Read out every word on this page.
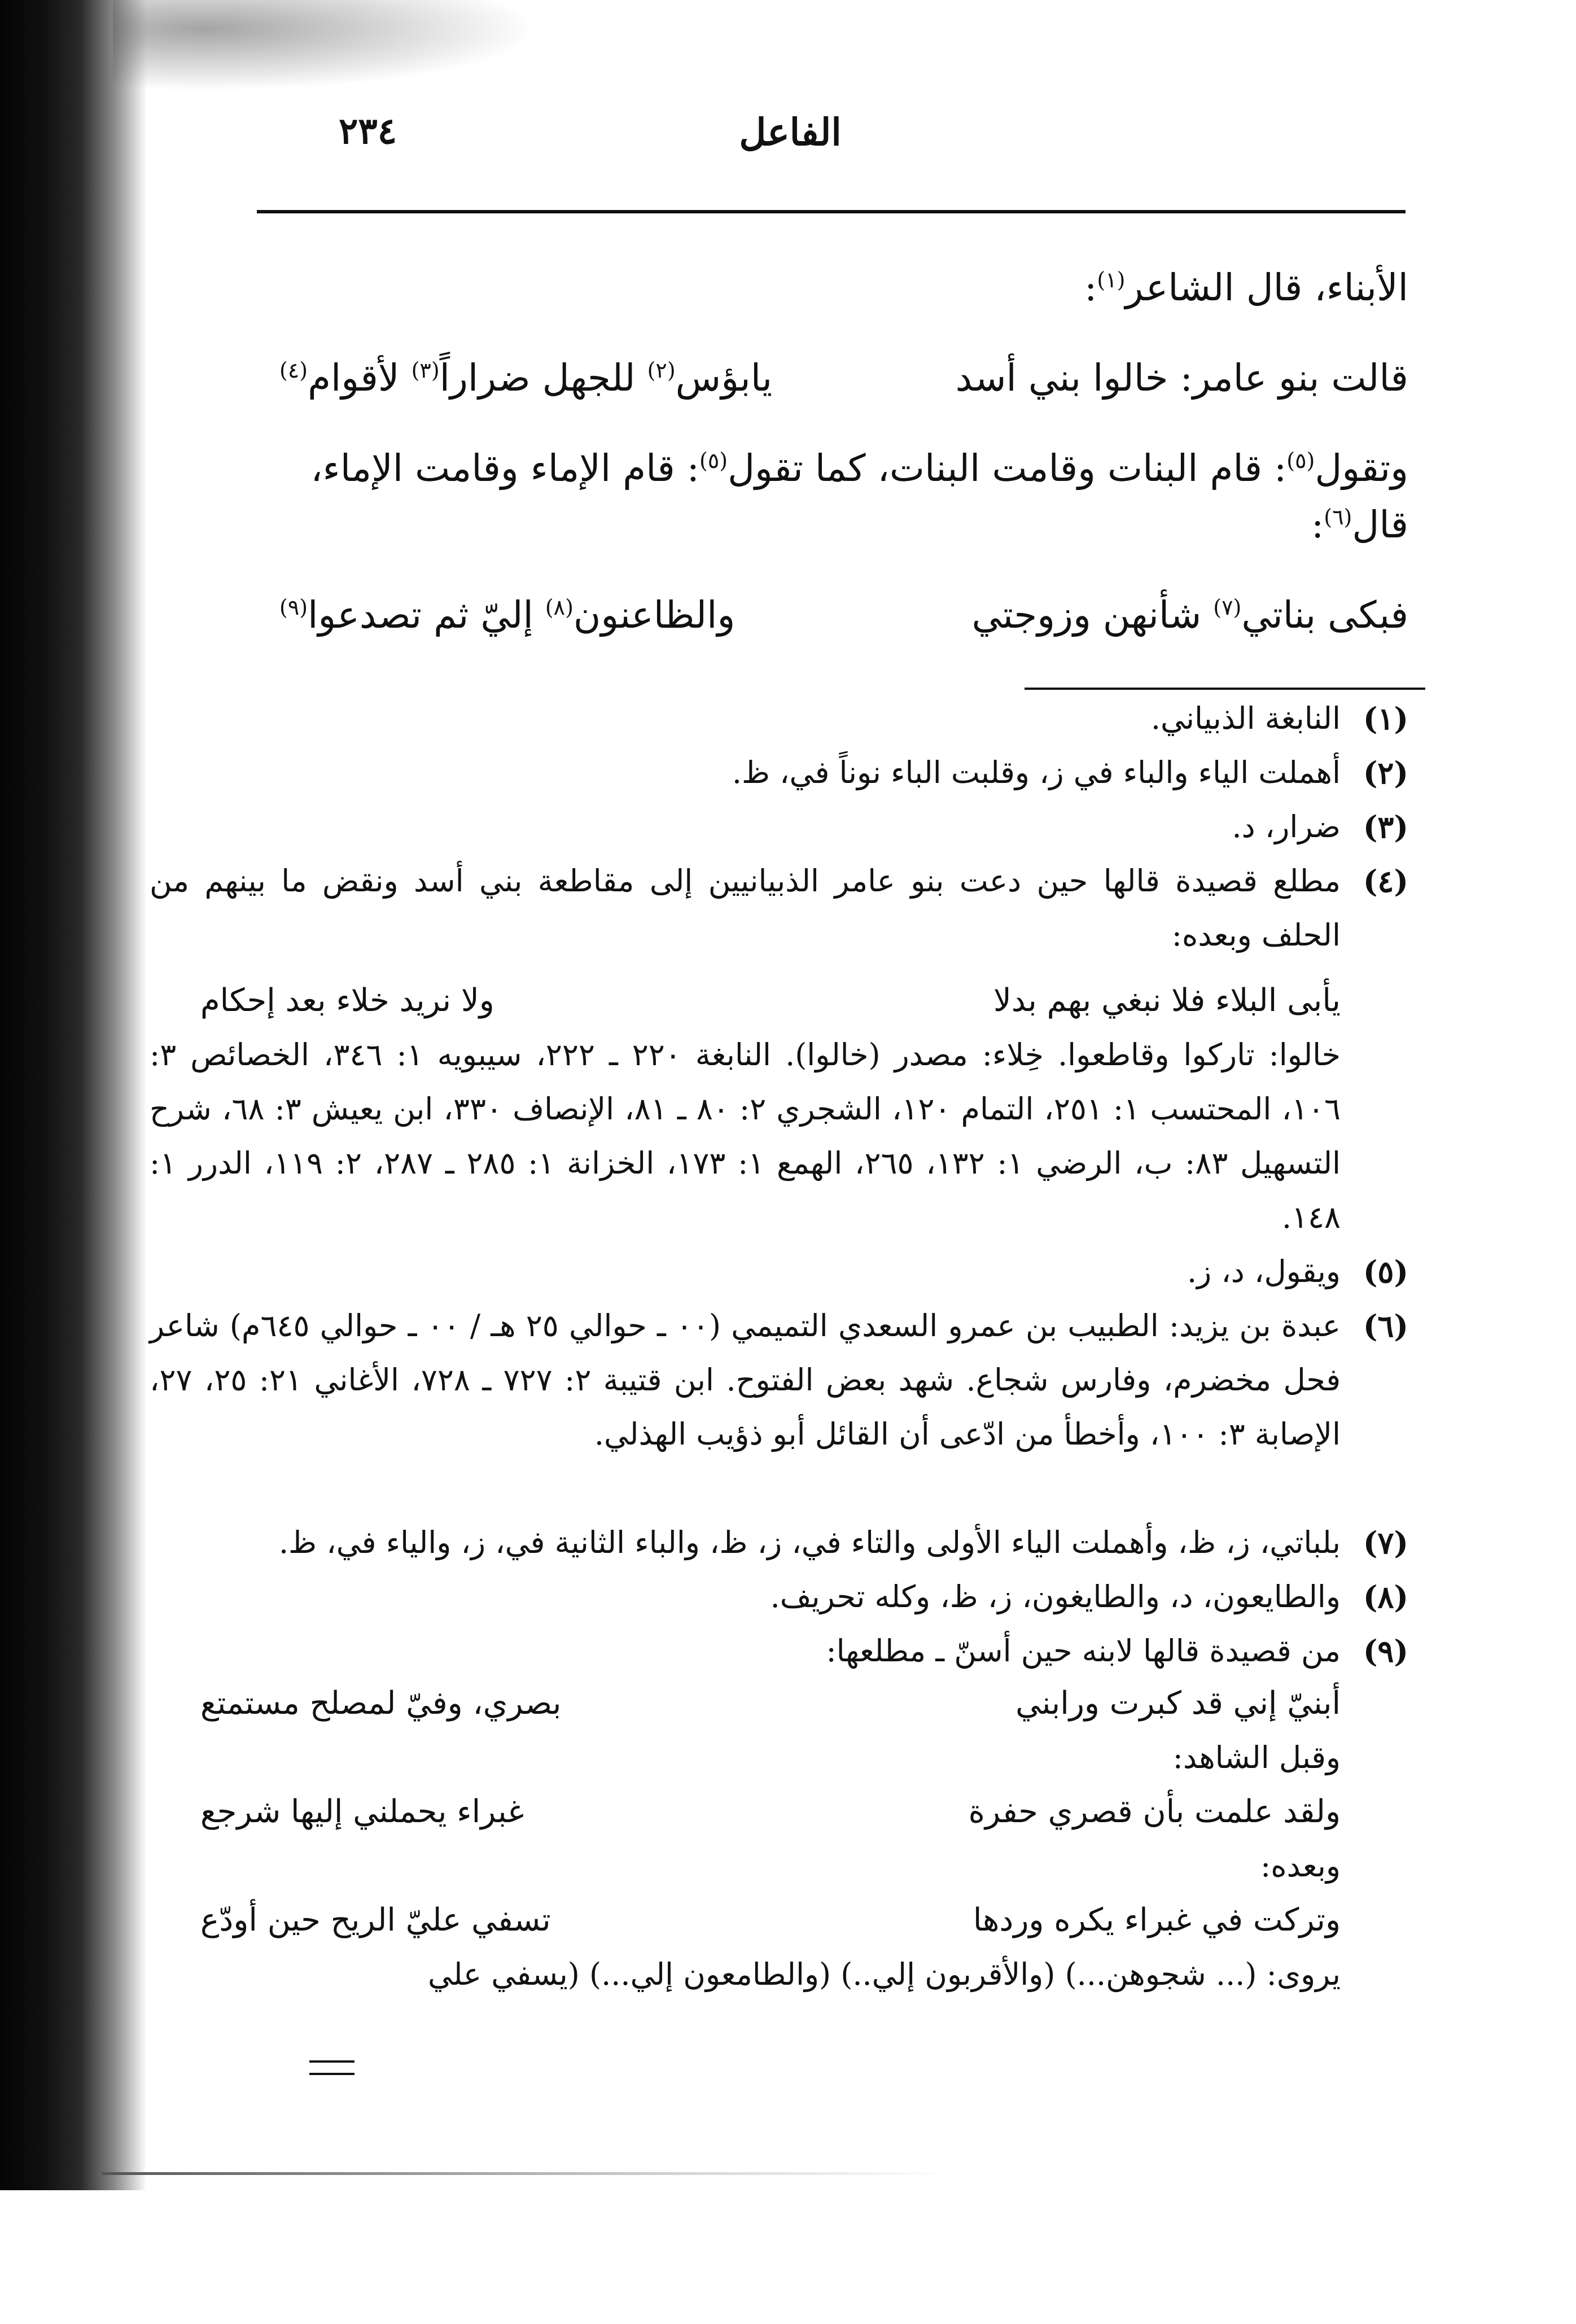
٢٣٤	الفاعل
الأبناء، قال الشاعر$^{(١)}$:
قالت بنو عامر: خالوا بني أسد
يابؤس$^{(٢)}$ للجهل ضراراً$^{(٣)}$ لأقوام$^{(٤)}$
وتقول$^{(٥)}$: قام البنات وقامت البنات، كما تقول$^{(٥)}$: قام الإماء وقامت الإماء،
قال$^{(٦)}$:
فبكى بناتي$^{(٧)}$ شأنهن وزوجتي
والظاعنون$^{(٨)}$ إليّ ثم تصدعوا$^{(٩)}$
(١)
النابغة الذبياني.
(٢)
أهملت الياء والباء في ز، وقلبت الباء نوناً في، ظ.
(٣)
ضرار، د.
(٤)
مطلع قصيدة قالها حين دعت بنو عامر الذبيانيين إلى مقاطعة بني أسد ونقض ما بينهم من الحلف وبعده:
يأبى البلاء فلا نبغي بهم بدلا
ولا نريد خلاء بعد إحكام
خالوا: تاركوا وقاطعوا. خِلاء: مصدر (خالوا). النابغة ٢٢٠ ـ ٢٢٢، سيبويه ١: ٣٤٦، الخصائص ٣: ١٠٦، المحتسب ١: ٢٥١، التمام ١٢٠، الشجري ٢: ٨٠ ـ ٨١، الإنصاف ٣٣٠، ابن يعيش ٣: ٦٨، شرح التسهيل ٨٣: ب، الرضي ١: ١٣٢، ٢٦٥، الهمع ١: ١٧٣، الخزانة ١: ٢٨٥ ـ ٢٨٧، ٢: ١١٩، الدرر ١: ١٤٨.
(٥)
ويقول، د، ز.
(٦)
عبدة بن يزيد: الطبيب بن عمرو السعدي التميمي (٠٠ ـ حوالي ٢٥ هـ / ٠٠ ـ حوالي ٦٤٥م) شاعر فحل مخضرم، وفارس شجاع. شهد بعض الفتوح. ابن قتيبة ٢: ٧٢٧ ـ ٧٢٨، الأغاني ٢١: ٢٥، ٢٧، الإصابة ٣: ١٠٠، وأخطأ من ادّعى أن القائل أبو ذؤيب الهذلي.
(٧)
بلباتي، ز، ظ، وأهملت الياء الأولى والتاء في، ز، ظ، والباء الثانية في، ز، والياء في، ظ.
(٨)
والطايعون، د، والطايغون، ز، ظ، وكله تحريف.
(٩)
من قصيدة قالها لابنه حين أسنّ ـ مطلعها:
أبنيّ إني قد كبرت ورابني
بصري، وفيّ لمصلح مستمتع
وقبل الشاهد:
ولقد علمت بأن قصري حفرة
غبراء يحملني إليها شرجع
وبعده:
وتركت في غبراء يكره وردها
تسفي عليّ الريح حين أودّع
يروى: (... شجوهن...) (والأقربون إلي..) (والطامعون إلي...) (يسفي علي
